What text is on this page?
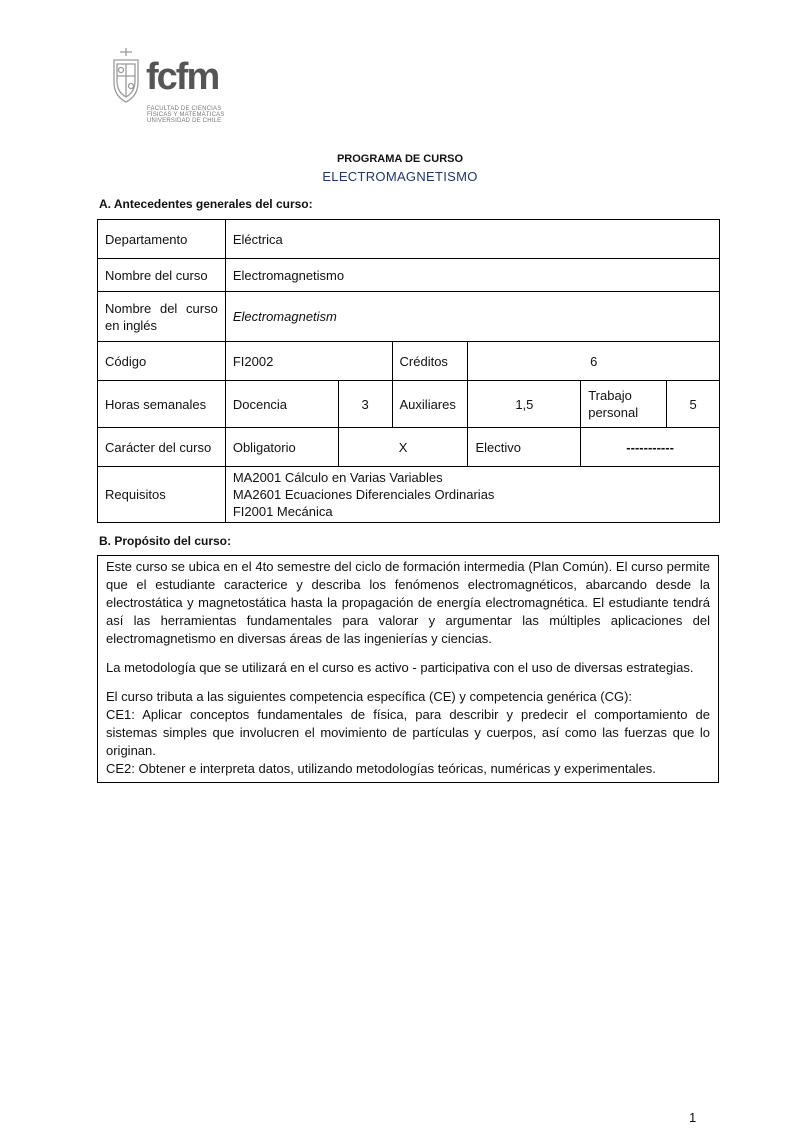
fcfm
FACULTAD DE CIENCIAS
FÍSICAS Y MATEMÁTICAS
UNIVERSIDAD DE CHILE
PROGRAMA DE CURSO
ELECTROMAGNETISMO
A. Antecedentes generales del curso:
Departamento	Eléctrica					
Nombre del curso	Electromagnetismo					
Nombre del curso en inglés	Electromagnetism					
Código	FI2002		Créditos	6		
Horas semanales	Docencia	3	Auxiliares	1,5	Trabajo personal	5
Carácter del curso	Obligatorio	X		Electivo	-----------	
Requisitos	MA2001 Cálculo en Varias Variables
MA2601 Ecuaciones Diferenciales Ordinarias
FI2001 Mecánica					
B. Propósito del curso:

Este curso se ubica en el 4to semestre del ciclo de formación intermedia (Plan Común). El curso permite que el estudiante caracterice y describa los fenómenos electromagnéticos, abarcando desde la electrostática y magnetostática hasta la propagación de energía electromagnética. El estudiante tendrá así las herramientas fundamentales para valorar y argumentar las múltiples aplicaciones del electromagnetismo en diversas áreas de las ingenierías y ciencias.

La metodología que se utilizará en el curso es activo - participativa con el uso de diversas estrategias.

El curso tributa a las siguientes competencia específica (CE) y competencia genérica (CG):
CE1: Aplicar conceptos fundamentales de física, para describir y predecir el comportamiento de sistemas simples que involucren el movimiento de partículas y cuerpos, así como las fuerzas que lo originan.
CE2: Obtener e interpreta datos, utilizando metodologías teóricas, numéricas y experimentales.
1
